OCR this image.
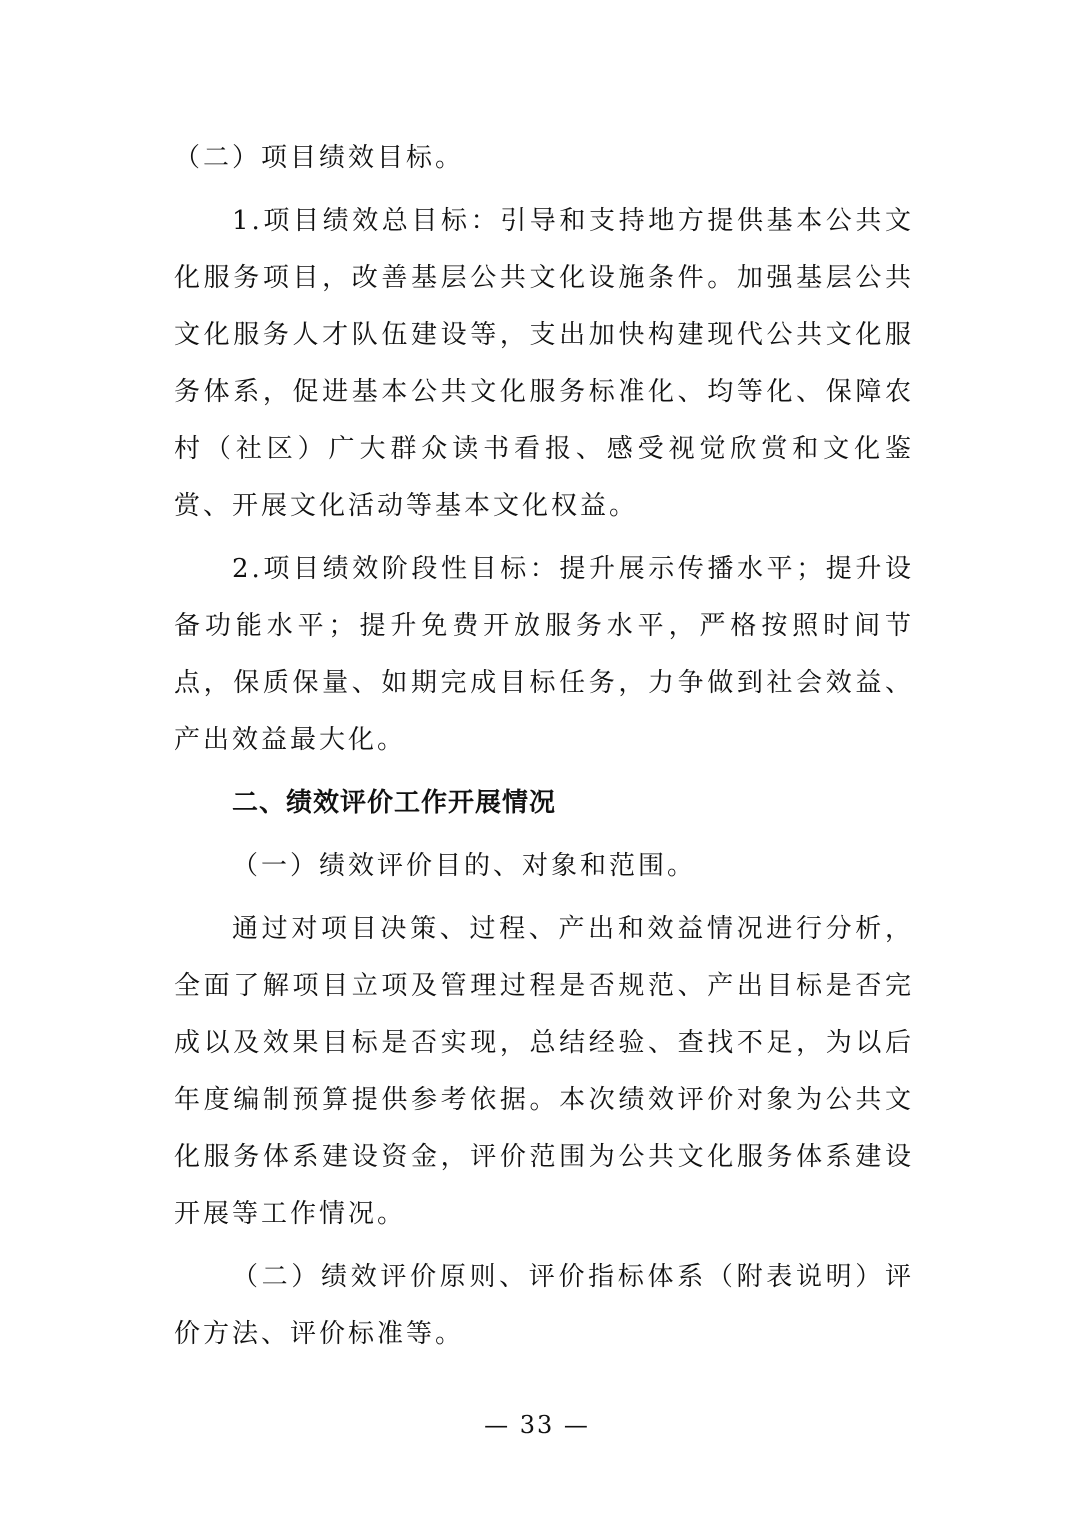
（二）项目绩效目标。

1.项目绩效总目标：引导和支持地方提供基本公共文化服务项目，改善基层公共文化设施条件。加强基层公共文化服务人才队伍建设等，支出加快构建现代公共文化服务体系，促进基本公共文化服务标准化、均等化、保障农村（社区）广大群众读书看报、感受视觉欣赏和文化鉴赏、开展文化活动等基本文化权益。

2.项目绩效阶段性目标：提升展示传播水平；提升设备功能水平；提升免费开放服务水平，严格按照时间节点，保质保量、如期完成目标任务，力争做到社会效益、产出效益最大化。

二、绩效评价工作开展情况

（一）绩效评价目的、对象和范围。

通过对项目决策、过程、产出和效益情况进行分析，全面了解项目立项及管理过程是否规范、产出目标是否完成以及效果目标是否实现，总结经验、查找不足，为以后年度编制预算提供参考依据。本次绩效评价对象为公共文化服务体系建设资金，评价范围为公共文化服务体系建设开展等工作情况。

（二）绩效评价原则、评价指标体系（附表说明）评价方法、评价标准等。

— 33 —
